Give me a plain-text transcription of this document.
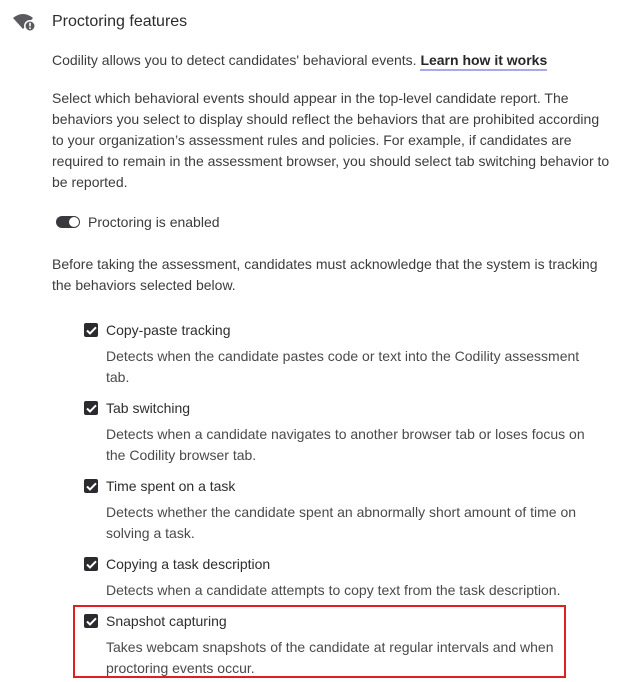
Proctoring features
Codility allows you to detect candidates' behavioral events. Learn how it works
Select which behavioral events should appear in the top-level candidate report. The behaviors you select to display should reflect the behaviors that are prohibited according to your organization’s assessment rules and policies. For example, if candidates are required to remain in the assessment browser, you should select tab switching behavior to be reported.
Proctoring is enabled
Before taking the assessment, candidates must acknowledge that the system is tracking the behaviors selected below.
Copy-paste tracking
Detects when the candidate pastes code or text into the Codility assessment tab.
Tab switching
Detects when a candidate navigates to another browser tab or loses focus on the Codility browser tab.
Time spent on a task
Detects whether the candidate spent an abnormally short amount of time on solving a task.
Copying a task description
Detects when a candidate attempts to copy text from the task description.
Snapshot capturing
Takes webcam snapshots of the candidate at regular intervals and when proctoring events occur.
